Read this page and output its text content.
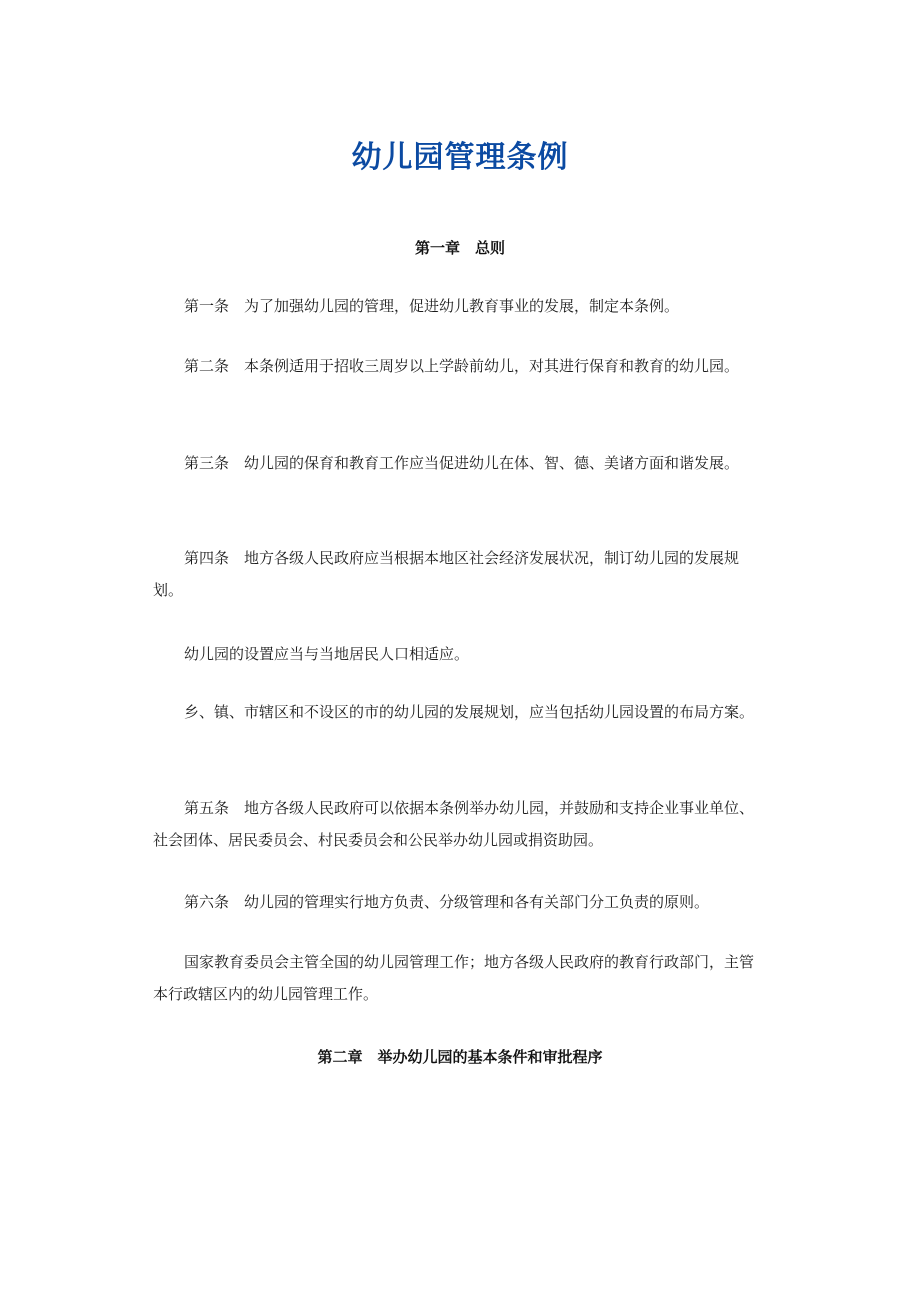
幼儿园管理条例
第一章　总则
第一条　为了加强幼儿园的管理，促进幼儿教育事业的发展，制定本条例。
第二条　本条例适用于招收三周岁以上学龄前幼儿，对其进行保育和教育的幼儿园。
第三条　幼儿园的保育和教育工作应当促进幼儿在体、智、德、美诸方面和谐发展。
第四条　地方各级人民政府应当根据本地区社会经济发展状况，制订幼儿园的发展规划。
幼儿园的设置应当与当地居民人口相适应。
乡、镇、市辖区和不设区的市的幼儿园的发展规划，应当包括幼儿园设置的布局方案。
第五条　地方各级人民政府可以依据本条例举办幼儿园，并鼓励和支持企业事业单位、社会团体、居民委员会、村民委员会和公民举办幼儿园或捐资助园。
第六条　幼儿园的管理实行地方负责、分级管理和各有关部门分工负责的原则。
国家教育委员会主管全国的幼儿园管理工作；地方各级人民政府的教育行政部门，主管本行政辖区内的幼儿园管理工作。
第二章　举办幼儿园的基本条件和审批程序
